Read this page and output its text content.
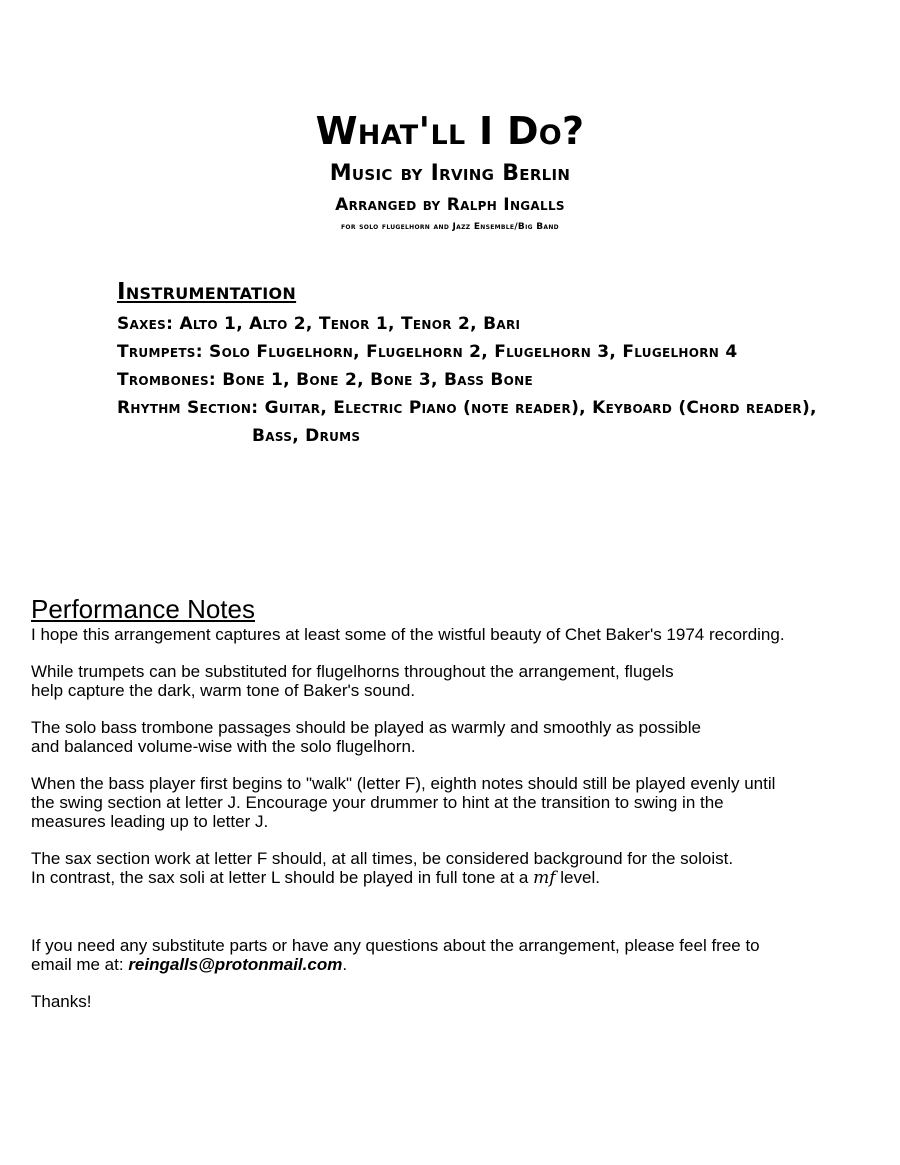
What'll I Do?
Music by Irving Berlin
Arranged by Ralph Ingalls
for solo flugelhorn and Jazz Ensemble/Big Band
Instrumentation
Saxes: Alto 1, Alto 2, Tenor 1, Tenor 2, Bari
Trumpets: Solo Flugelhorn, Flugelhorn 2, Flugelhorn 3, Flugelhorn 4
Trombones: Bone 1, Bone 2, Bone 3, Bass Bone
Rhythm Section: Guitar, Electric Piano (note reader), Keyboard (Chord reader),
Bass, Drums
Performance Notes

I hope this arrangement captures at least some of the wistful beauty of Chet Baker's 1974 recording.

While trumpets can be substituted for flugelhorns throughout the arrangement, flugels
help capture the dark, warm tone of Baker's sound.

The solo bass trombone passages should be played as warmly and smoothly as possible
and balanced volume-wise with the solo flugelhorn.

When the bass player first begins to "walk" (letter F), eighth notes should still be played evenly until
the swing section at letter J. Encourage your drummer to hint at the transition to swing in the
measures leading up to letter J.

The sax section work at letter F should, at all times, be considered background for the soloist.
In contrast, the sax soli at letter L should be played in full tone at a mf level.

If you need any substitute parts or have any questions about the arrangement, please feel free to
email me at: reingalls@protonmail.com.

Thanks!
